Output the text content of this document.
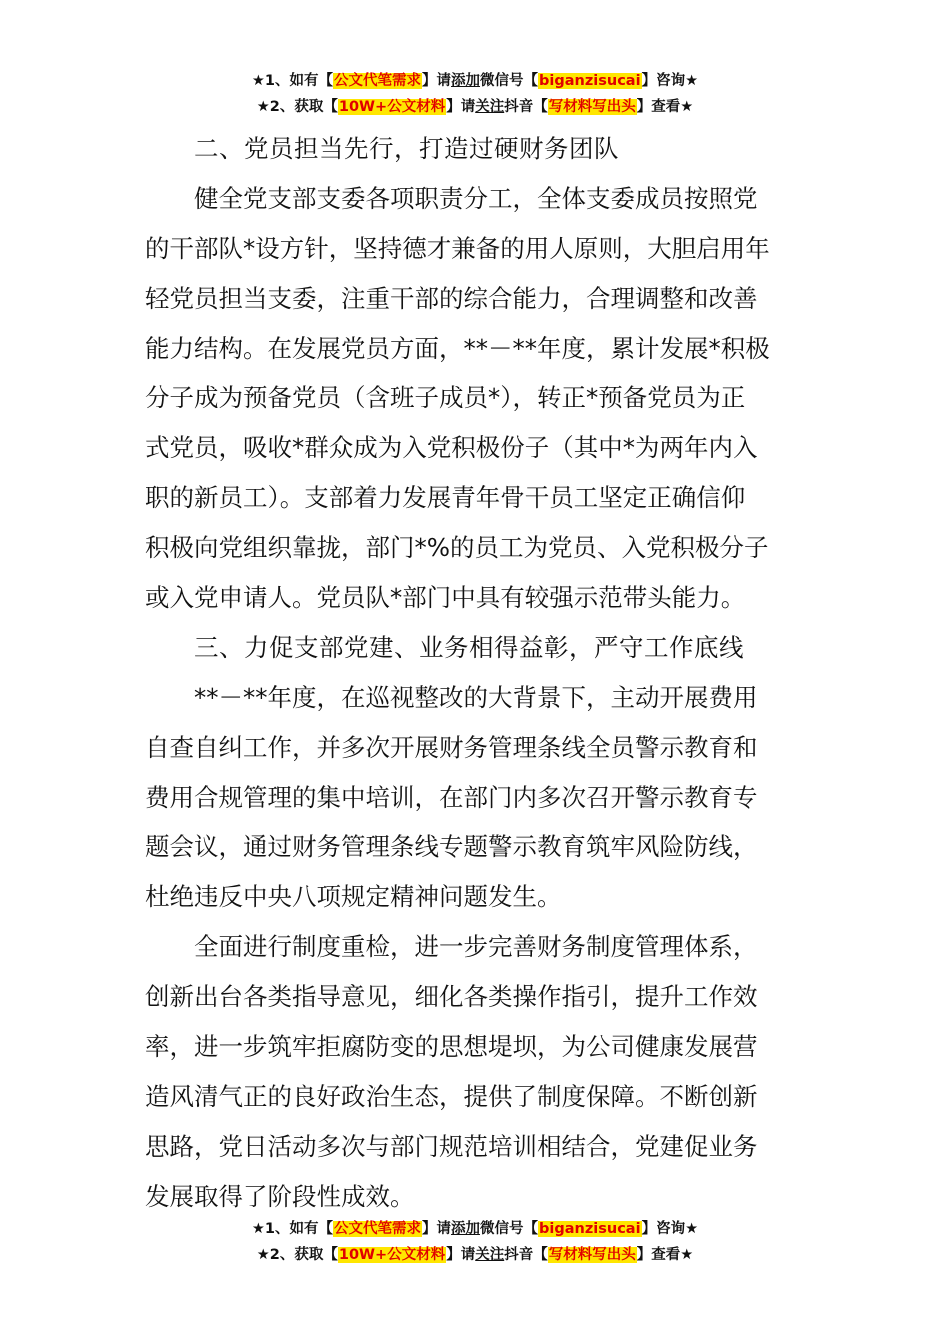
★1、如有【公文代笔需求】请添加微信号【biganzisucai】咨询★
★2、获取【10W+公文材料】请关注抖音【写材料写出头】查看★
二、党员担当先行，打造过硬财务团队
健全党支部支委各项职责分工，全体支委成员按照党
的干部队*设方针，坚持德才兼备的用人原则，大胆启用年
轻党员担当支委，注重干部的综合能力，合理调整和改善
能力结构。在发展党员方面，**－**年度，累计发展*积极
分子成为预备党员（含班子成员*），转正*预备党员为正
式党员，吸收*群众成为入党积极份子（其中*为两年内入
职的新员工）。支部着力发展青年骨干员工坚定正确信仰
积极向党组织靠拢，部门*%的员工为党员、入党积极分子
或入党申请人。党员队*部门中具有较强示范带头能力。
三、力促支部党建、业务相得益彰，严守工作底线
**－**年度，在巡视整改的大背景下，主动开展费用
自查自纠工作，并多次开展财务管理条线全员警示教育和
费用合规管理的集中培训，在部门内多次召开警示教育专
题会议，通过财务管理条线专题警示教育筑牢风险防线，
杜绝违反中央八项规定精神问题发生。
全面进行制度重检，进一步完善财务制度管理体系，
创新出台各类指导意见，细化各类操作指引，提升工作效
率，进一步筑牢拒腐防变的思想堤坝，为公司健康发展营
造风清气正的良好政治生态，提供了制度保障。不断创新
思路，党日活动多次与部门规范培训相结合，党建促业务
发展取得了阶段性成效。
★1、如有【公文代笔需求】请添加微信号【biganzisucai】咨询★
★2、获取【10W+公文材料】请关注抖音【写材料写出头】查看★
